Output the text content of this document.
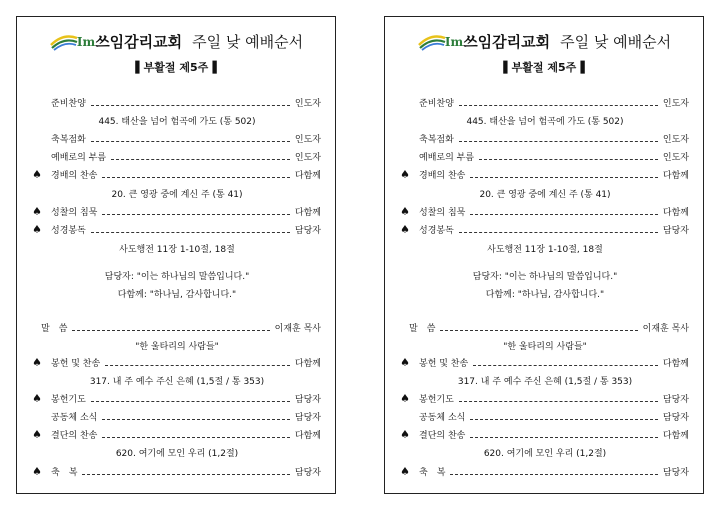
Im쓰임감리교회 주일 낮 예배순서
▌부활절 제5주▐
준비찬양	인도자
445. 태산을 넘어 험곡에 가도 (통 502)
축복점화	인도자
예배로의 부름	인도자
♠ 경배의 찬송	다함께
20. 큰 영광 중에 계신 주 (통 41)
♠ 성찰의 침묵	다함께
♠ 성경봉독	담당자
사도행전 11장 1-10절, 18절
담당자: "이는 하나님의 말씀입니다."
다함께: "하나님, 감사합니다."
말　씀	이재훈 목사
"한 울타리의 사람들"
♠ 봉헌 및 찬송	다함께
317. 내 주 예수 주신 은혜 (1,5절 / 통 353)
♠ 봉헌기도	담당자
공동체 소식	담당자
♠ 결단의 찬송	다함께
620. 여기에 모인 우리 (1,2절)
♠ 축　복	담당자
Im쓰임감리교회 주일 낮 예배순서
▌부활절 제5주▐
준비찬양	인도자
445. 태산을 넘어 험곡에 가도 (통 502)
축복점화	인도자
예배로의 부름	인도자
♠ 경배의 찬송	다함께
20. 큰 영광 중에 계신 주 (통 41)
♠ 성찰의 침묵	다함께
♠ 성경봉독	담당자
사도행전 11장 1-10절, 18절
담당자: "이는 하나님의 말씀입니다."
다함께: "하나님, 감사합니다."
말　씀	이재훈 목사
"한 울타리의 사람들"
♠ 봉헌 및 찬송	다함께
317. 내 주 예수 주신 은혜 (1,5절 / 통 353)
♠ 봉헌기도	담당자
공동체 소식	담당자
♠ 결단의 찬송	다함께
620. 여기에 모인 우리 (1,2절)
♠ 축　복	담당자
